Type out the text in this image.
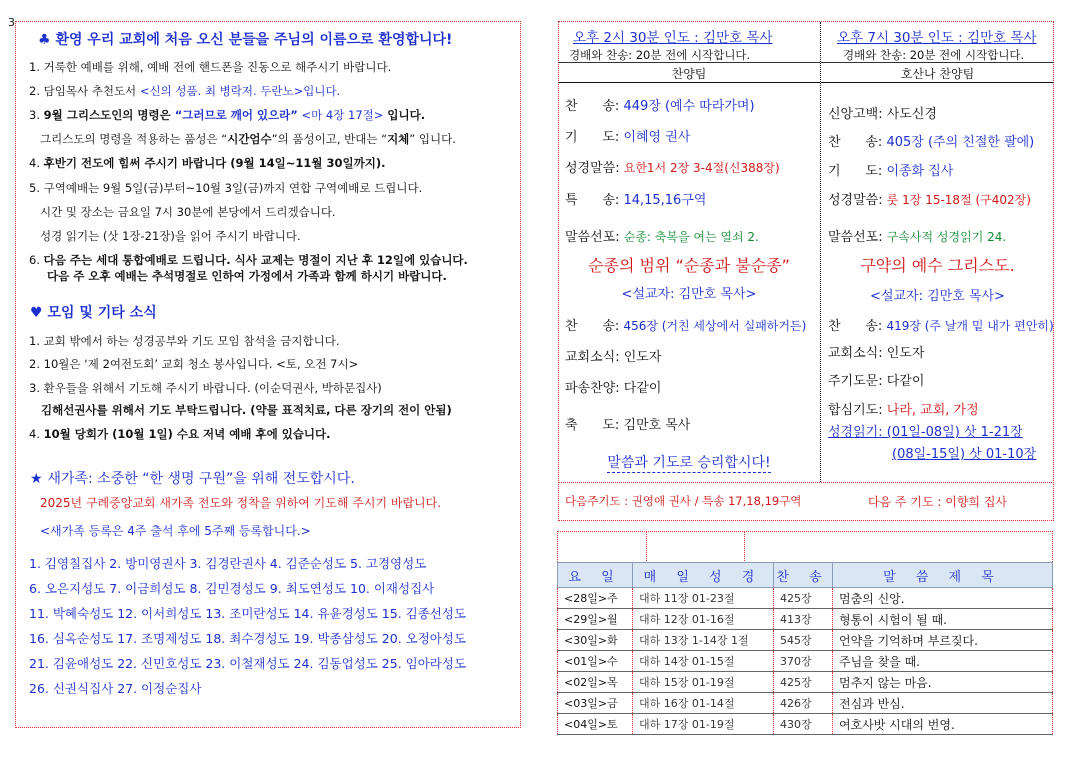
3
♣ 환영 우리 교회에 처음 오신 분들을 주님의 이름으로 환영합니다!
1. 거룩한 예배를 위해, 예배 전에 핸드폰을 진동으로 해주시기 바랍니다.
2. 담임목사 추천도서 <신의 성품. 최 병락저. 두란노>입니다.
3. 9월 그리스도인의 명령은 “그러므로 깨어 있으라” <마 4장 17절> 입니다.
그리스도의 명령을 적용하는 품성은 “시간엄수”의 품성이고, 반대는 “지체” 입니다.
4. 후반기 전도에 힘써 주시기 바랍니다 (9월 14일~11월 30일까지).
5. 구역예배는 9월 5일(금)부터~10월 3일(금)까지 연합 구역예배로 드립니다.
시간 및 장소는 금요일 7시 30분에 본당에서 드리겠습니다.
성경 읽기는 (삿 1장-21장)을 읽어 주시기 바랍니다.
6. 다음 주는 세대 통합예배로 드립니다. 식사 교제는 명절이 지난 후 12일에 있습니다.
다음 주 오후 예배는 추석명절로 인하여 가정에서 가족과 함께 하시기 바랍니다.
♥ 모임 및 기타 소식
1. 교회 밖에서 하는 성경공부와 기도 모임 참석을 금지합니다.
2. 10월은 ‘제 2여전도회’ 교회 청소 봉사입니다. <토, 오전 7시>
3. 환우들을 위해서 기도해 주시기 바랍니다. (이순덕권사, 박하문집사)
김해선권사를 위해서 기도 부탁드립니다. (약물 표적치료, 다른 장기의 전이 안됨)
4. 10월 당회가 (10월 1일) 수요 저녁 예배 후에 있습니다.
★ 새가족: 소중한 “한 생명 구원”을 위해 전도합시다.
2025년 구례중앙교회 새가족 전도와 정착을 위하여 기도해 주시기 바랍니다.
<새가족 등록은 4주 출석 후에 5주째 등록합니다.>
1. 김영칠집사 2. 방미영권사 3. 김경란권사 4. 김준순성도 5. 고경영성도
6. 오은지성도 7. 이금희성도 8. 김민경성도 9. 최도연성도 10. 이재성집사
11. 박혜숙성도 12. 이서희성도 13. 조미란성도 14. 유윤경성도 15. 김종선성도
16. 심옥순성도 17. 조명제성도 18. 최수경성도 19. 박종삼성도 20. 오정아성도
21. 김윤애성도 22. 신민호성도 23. 이철재성도 24. 김동업성도 25. 임아라성도
26. 신권식집사 27. 이정순집사
오후 2시 30분 인도 : 김만호 목사
경배와 찬송: 20분 전에 시작합니다.
찬양팀
오후 7시 30분 인도 : 김만호 목사
경배와 찬송: 20분 전에 시작합니다.
호산나 찬양팀
찬      송: 449장 (예수 따라가며)
기      도: 이혜영 권사
성경말씀: 요한1서 2장 3-4절(신388장)
특      송: 14,15,16구역
말씀선포: 순종: 축복을 여는 열쇠 2.
찬      송: 456장 (거친 세상에서 실패하거든)
교회소식: 인도자
파송찬양: 다같이
축      도: 김만호 목사
신앙고백: 사도신경
찬      송: 405장 (주의 친절한 팔에)
기      도: 이종화 집사
성경말씀: 룻 1장 15-18절 (구402장)
말씀선포: 구속사적 성경읽기 24.
찬      송: 419장 (주 날개 밑 내가 편안히)
교회소식: 인도자
주기도문: 다같이
순종의 범위 “순종과 불순종”
<설교자: 김만호 목사>
구약의 예수 그리스도.
<설교자: 김만호 목사>
합심기도: 나라, 교회, 가정
성경읽기: (01일-08일) 삿 1-21장
(08일-15일) 삿 01-10장
말씀과 기도로 승리합시다!
다음주기도 : 권영애 권사 / 특송 17,18,19구역	다음 주 기도 : 이향희 집사
요 일	매 일 성 경	찬 송	말 씀 제 목
<28일>주	대하 11장 01-23절	425장	멈춤의 신앙.
<29일>월	대하 12장 01-16절	413장	형통이 시험이 될 때.
<30일>화	대하 13장 1-14장 1절	545장	언약을 기억하며 부르짖다.
<01일>수	대하 14장 01-15절	370장	주님을 찾을 때.
<02일>목	대하 15장 01-19절	425장	멈추지 않는 마음.
<03일>금	대하 16장 01-14절	426장	전심과 반심.
<04일>토	대하 17장 01-19절	430장	여호사밧 시대의 번영.
